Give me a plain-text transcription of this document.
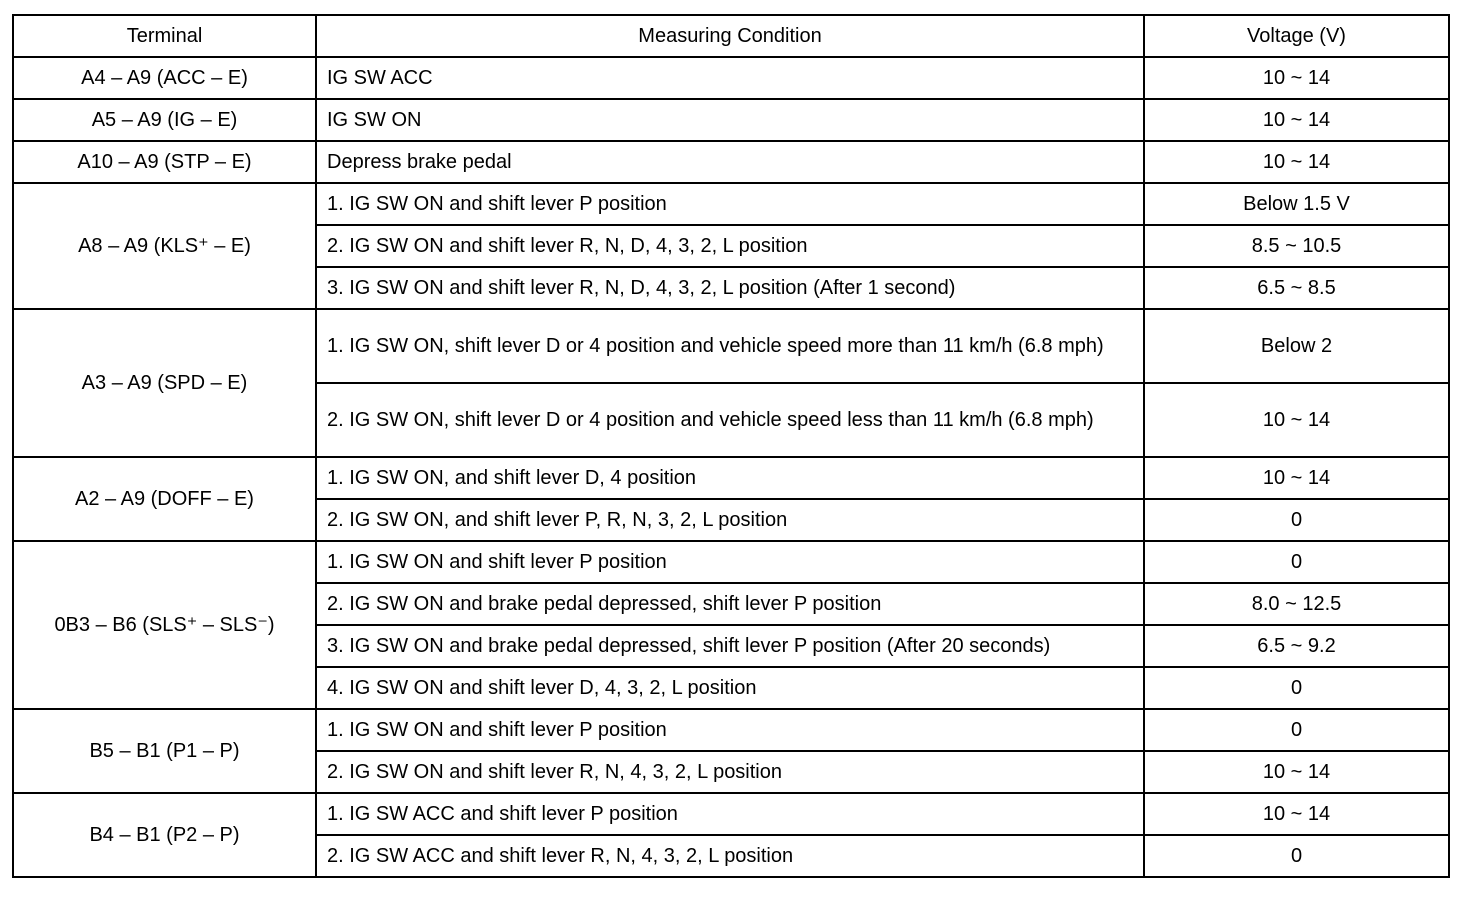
Terminal	Measuring Condition	Voltage (V)
A4 – A9 (ACC – E)	IG SW ACC	10 ~ 14
A5 – A9 (IG – E)	IG SW ON	10 ~ 14
A10 – A9 (STP – E)	Depress brake pedal	10 ~ 14
A8 – A9 (KLS⁺ – E)	1. IG SW ON and shift lever P position	Below 1.5 V
	2. IG SW ON and shift lever R, N, D, 4, 3, 2, L position	8.5 ~ 10.5
	3. IG SW ON and shift lever R, N, D, 4, 3, 2, L position (After 1 second)	6.5 ~ 8.5
A3 – A9 (SPD – E)	1. IG SW ON, shift lever D or 4 position and vehicle speed more than 11 km/h (6.8 mph)	Below 2
	2. IG SW ON, shift lever D or 4 position and vehicle speed less than 11 km/h (6.8 mph)	10 ~ 14
A2 – A9 (DOFF – E)	1. IG SW ON, and shift lever D, 4 position	10 ~ 14
	2. IG SW ON, and shift lever P, R, N, 3, 2, L position	0
0B3 – B6 (SLS⁺ – SLS⁻)	1. IG SW ON and shift lever P position	0
	2. IG SW ON and brake pedal depressed, shift lever P position	8.0 ~ 12.5
	3. IG SW ON and brake pedal depressed, shift lever P position (After 20 seconds)	6.5 ~ 9.2
	4. IG SW ON and shift lever D, 4, 3, 2, L position	0
B5 – B1 (P1 – P)	1. IG SW ON and shift lever P position	0
	2. IG SW ON and shift lever R, N, 4, 3, 2, L position	10 ~ 14
B4 – B1 (P2 – P)	1. IG SW ACC and shift lever P position	10 ~ 14
	2. IG SW ACC and shift lever R, N, 4, 3, 2, L position	0
